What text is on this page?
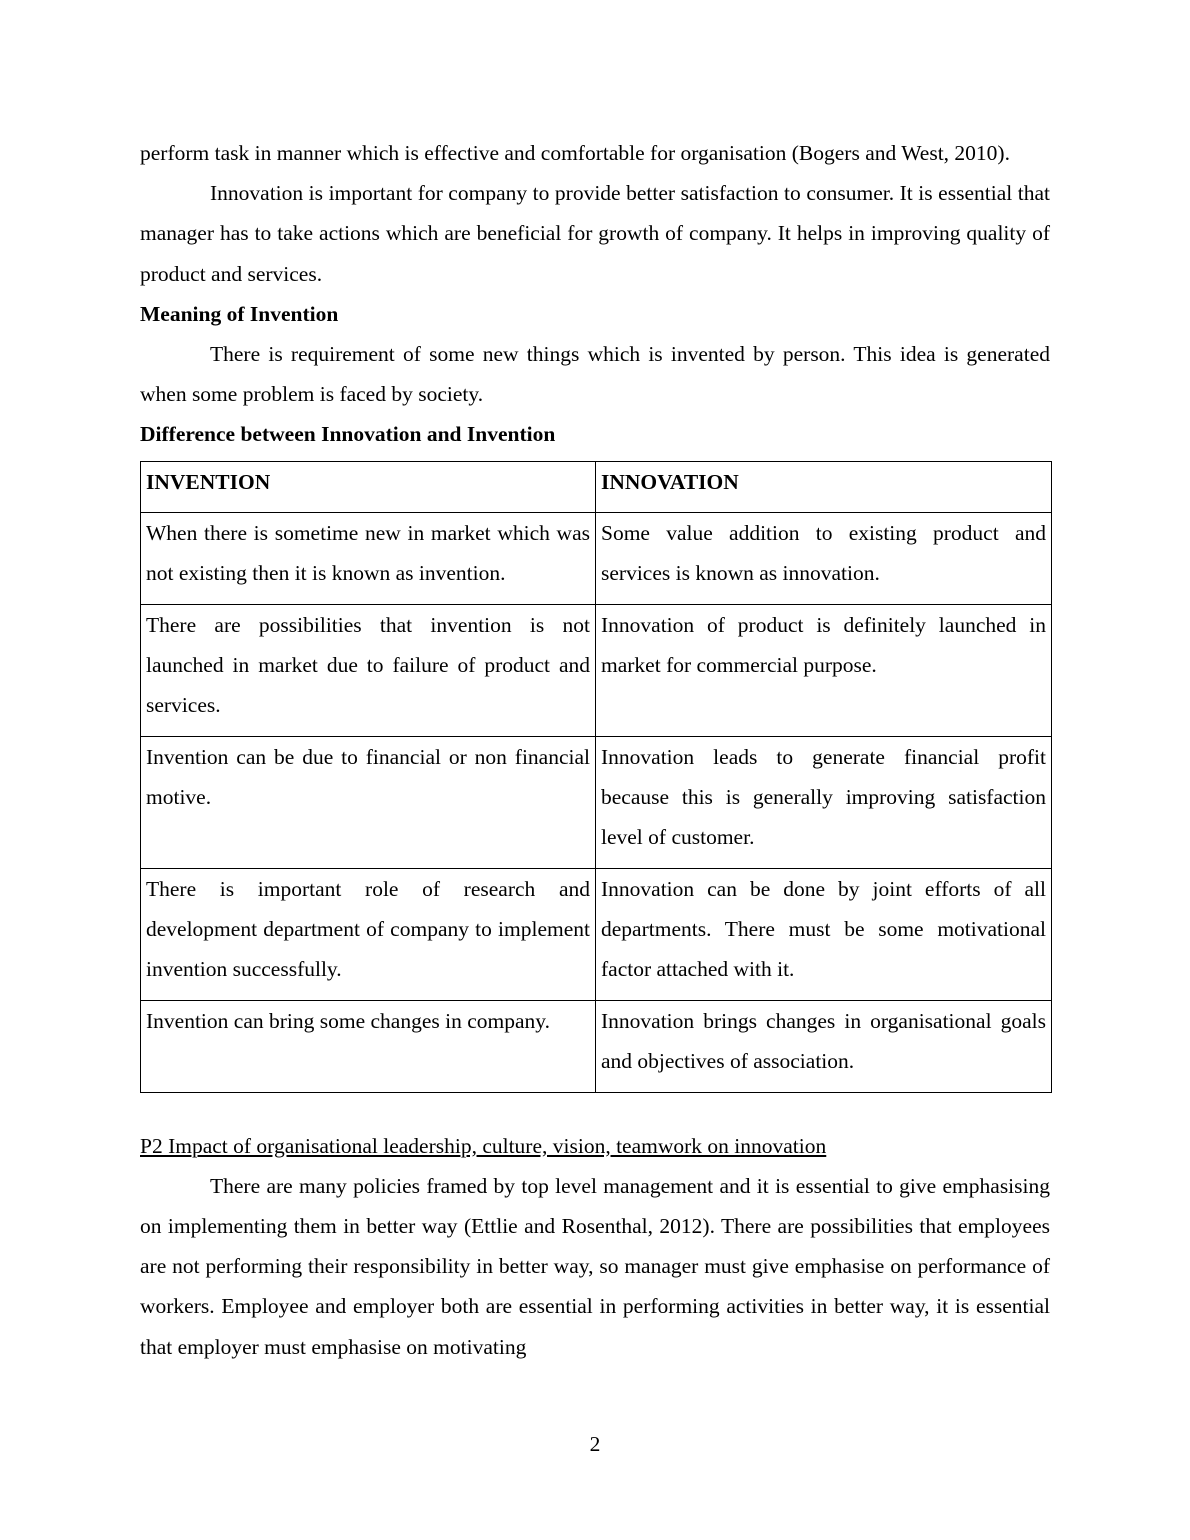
perform task in manner which is effective and comfortable for organisation (Bogers and West, 2010).

Innovation is important for company to provide better satisfaction to consumer. It is essential that manager has to take actions which are beneficial for growth of company. It helps in improving quality of product and services.

Meaning of Invention

There is requirement of some new things which is invented by person. This idea is generated when some problem is faced by society.

Difference between Innovation and Invention
INVENTION	INNOVATION
When there is sometime new in market which was not existing then it is known as invention.	Some value addition to existing product and services is known as innovation.
There are possibilities that invention is not launched in market due to failure of product and services.	Innovation of product is definitely launched in market for commercial purpose.
Invention can be due to financial or non financial motive.	Innovation leads to generate financial profit because this is generally improving satisfaction level of customer.
There is important role of research and development department of company to implement invention successfully.	Innovation can be done by joint efforts of all departments. There must be some motivational factor attached with it.
Invention can bring some changes in company.	Innovation brings changes in organisational goals and objectives of association.
P2 Impact of organisational leadership, culture, vision, teamwork on innovation

There are many policies framed by top level management and it is essential to give emphasising on implementing them in better way (Ettlie and Rosenthal, 2012). There are possibilities that employees are not performing their responsibility in better way, so manager must give emphasise on performance of workers. Employee and employer both are essential in performing activities in better way, it is essential that employer must emphasise on motivating

2
